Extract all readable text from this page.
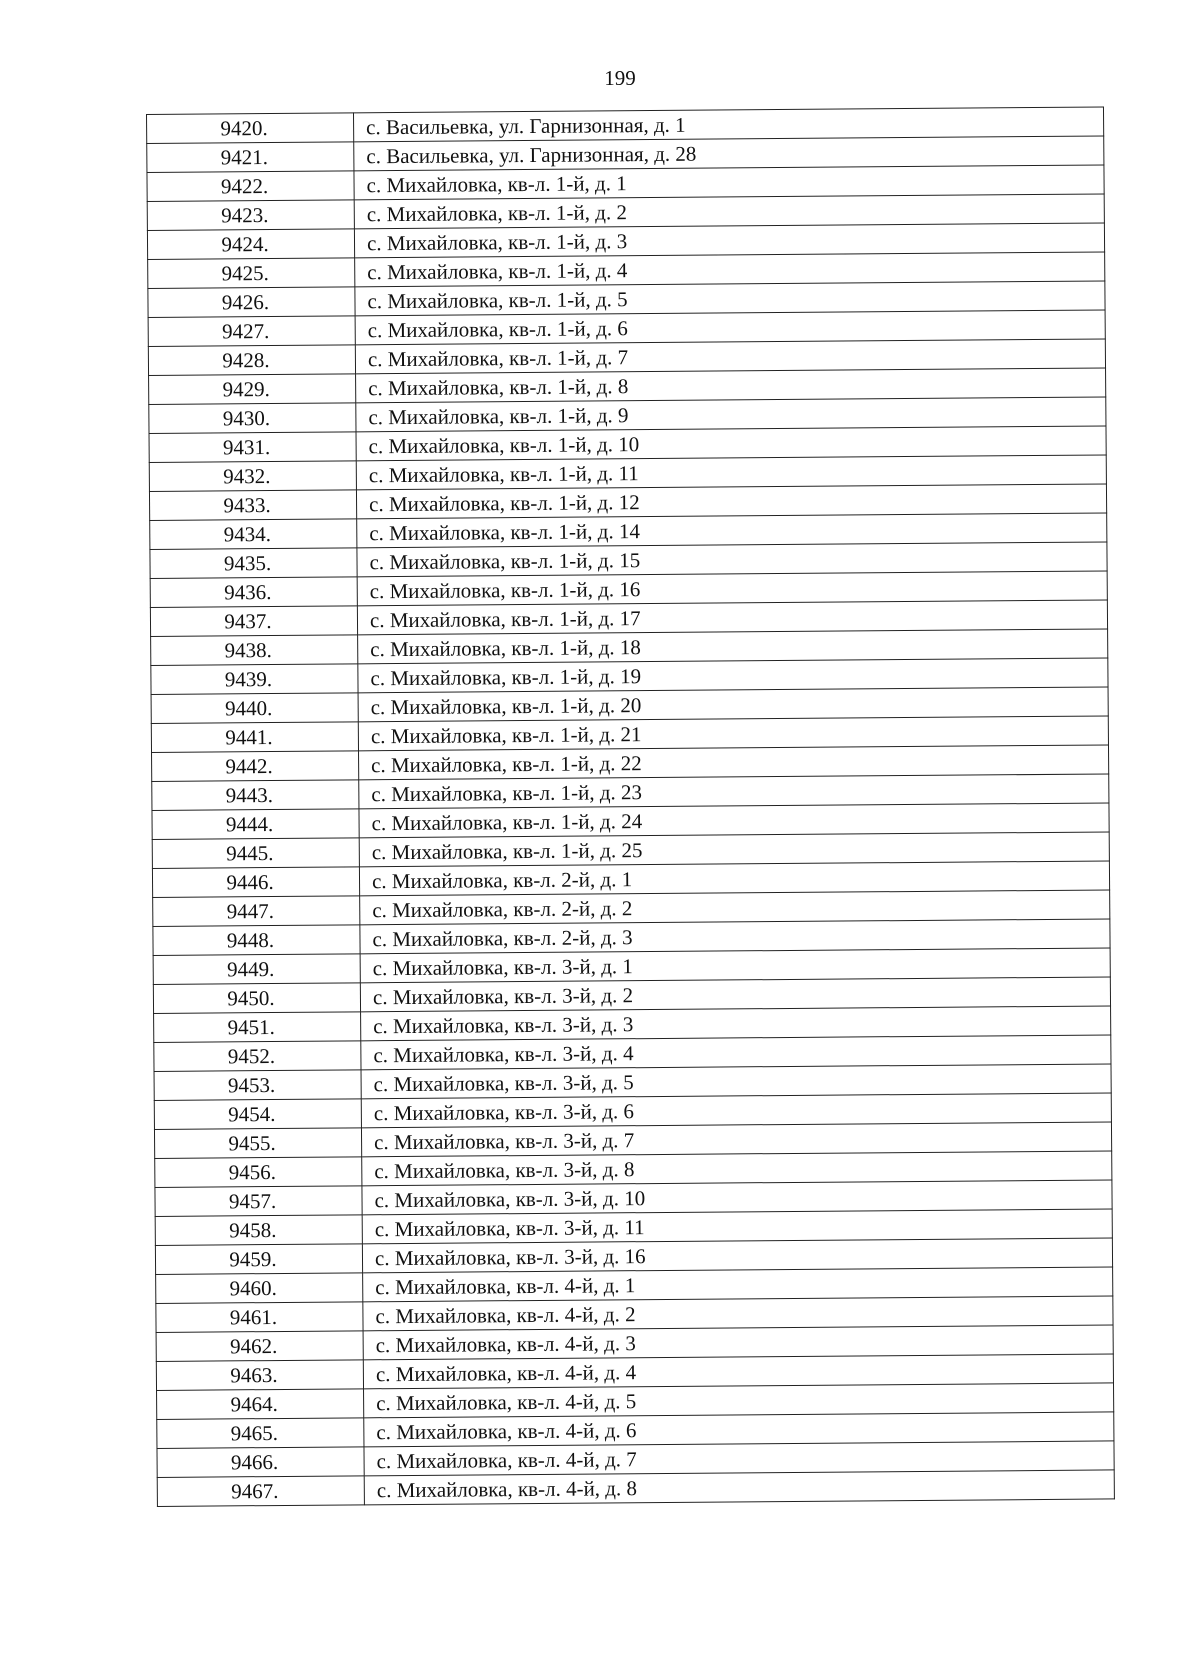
199
9420.	с. Васильевка, ул. Гарнизонная, д. 1
9421.	с. Васильевка, ул. Гарнизонная, д. 28
9422.	с. Михайловка, кв-л. 1-й, д. 1
9423.	с. Михайловка, кв-л. 1-й, д. 2
9424.	с. Михайловка, кв-л. 1-й, д. 3
9425.	с. Михайловка, кв-л. 1-й, д. 4
9426.	с. Михайловка, кв-л. 1-й, д. 5
9427.	с. Михайловка, кв-л. 1-й, д. 6
9428.	с. Михайловка, кв-л. 1-й, д. 7
9429.	с. Михайловка, кв-л. 1-й, д. 8
9430.	с. Михайловка, кв-л. 1-й, д. 9
9431.	с. Михайловка, кв-л. 1-й, д. 10
9432.	с. Михайловка, кв-л. 1-й, д. 11
9433.	с. Михайловка, кв-л. 1-й, д. 12
9434.	с. Михайловка, кв-л. 1-й, д. 14
9435.	с. Михайловка, кв-л. 1-й, д. 15
9436.	с. Михайловка, кв-л. 1-й, д. 16
9437.	с. Михайловка, кв-л. 1-й, д. 17
9438.	с. Михайловка, кв-л. 1-й, д. 18
9439.	с. Михайловка, кв-л. 1-й, д. 19
9440.	с. Михайловка, кв-л. 1-й, д. 20
9441.	с. Михайловка, кв-л. 1-й, д. 21
9442.	с. Михайловка, кв-л. 1-й, д. 22
9443.	с. Михайловка, кв-л. 1-й, д. 23
9444.	с. Михайловка, кв-л. 1-й, д. 24
9445.	с. Михайловка, кв-л. 1-й, д. 25
9446.	с. Михайловка, кв-л. 2-й, д. 1
9447.	с. Михайловка, кв-л. 2-й, д. 2
9448.	с. Михайловка, кв-л. 2-й, д. 3
9449.	с. Михайловка, кв-л. 3-й, д. 1
9450.	с. Михайловка, кв-л. 3-й, д. 2
9451.	с. Михайловка, кв-л. 3-й, д. 3
9452.	с. Михайловка, кв-л. 3-й, д. 4
9453.	с. Михайловка, кв-л. 3-й, д. 5
9454.	с. Михайловка, кв-л. 3-й, д. 6
9455.	с. Михайловка, кв-л. 3-й, д. 7
9456.	с. Михайловка, кв-л. 3-й, д. 8
9457.	с. Михайловка, кв-л. 3-й, д. 10
9458.	с. Михайловка, кв-л. 3-й, д. 11
9459.	с. Михайловка, кв-л. 3-й, д. 16
9460.	с. Михайловка, кв-л. 4-й, д. 1
9461.	с. Михайловка, кв-л. 4-й, д. 2
9462.	с. Михайловка, кв-л. 4-й, д. 3
9463.	с. Михайловка, кв-л. 4-й, д. 4
9464.	с. Михайловка, кв-л. 4-й, д. 5
9465.	с. Михайловка, кв-л. 4-й, д. 6
9466.	с. Михайловка, кв-л. 4-й, д. 7
9467.	с. Михайловка, кв-л. 4-й, д. 8
